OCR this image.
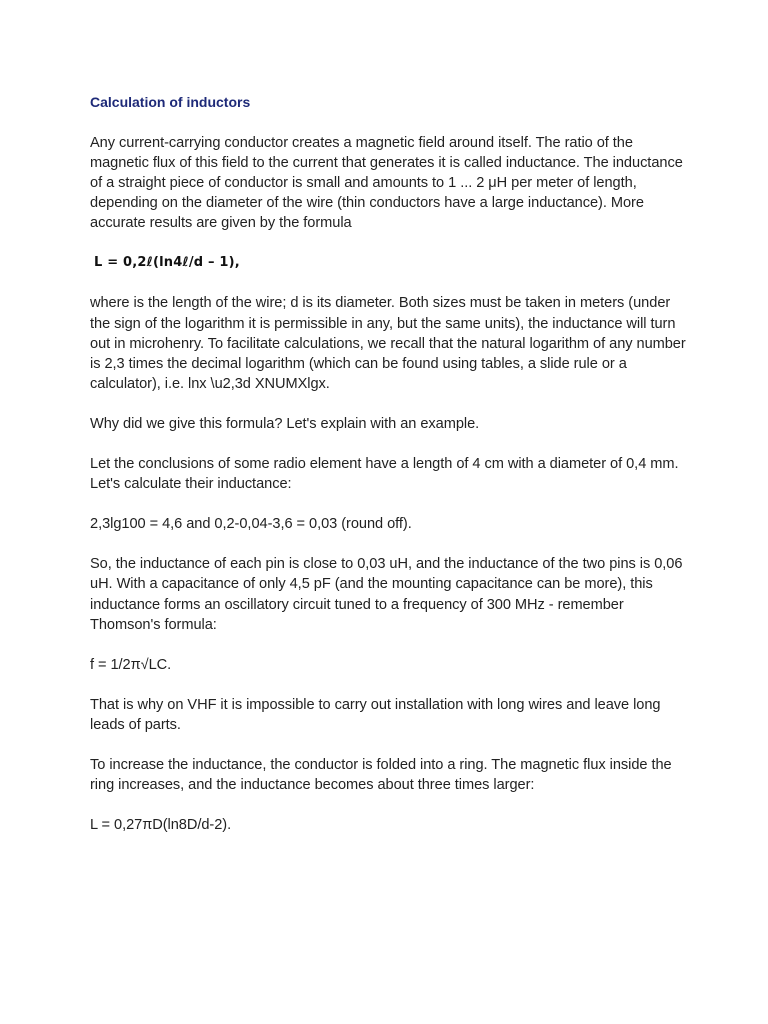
Calculation of inductors

Any current-carrying conductor creates a magnetic field around itself. The ratio of the magnetic flux of this field to the current that generates it is called inductance. The inductance of a straight piece of conductor is small and amounts to 1 ... 2 μH per meter of length, depending on the diameter of the wire (thin conductors have a large inductance). More accurate results are given by the formula

L = 0,2ℓ(ln4ℓ/d – 1),

where is the length of the wire; d is its diameter. Both sizes must be taken in meters (under the sign of the logarithm it is permissible in any, but the same units), the inductance will turn out in microhenry. To facilitate calculations, we recall that the natural logarithm of any number is 2,3 times the decimal logarithm (which can be found using tables, a slide rule or a calculator), i.e. lnx \u2,3d XNUMXlgx.

Why did we give this formula? Let's explain with an example.

Let the conclusions of some radio element have a length of 4 cm with a diameter of 0,4 mm. Let's calculate their inductance:

2,3lg100 = 4,6 and 0,2-0,04-3,6 = 0,03 (round off).

So, the inductance of each pin is close to 0,03 uH, and the inductance of the two pins is 0,06 uH. With a capacitance of only 4,5 pF (and the mounting capacitance can be more), this inductance forms an oscillatory circuit tuned to a frequency of 300 MHz - remember Thomson's formula:

f = 1/2π√LC.

That is why on VHF it is impossible to carry out installation with long wires and leave long leads of parts.

To increase the inductance, the conductor is folded into a ring. The magnetic flux inside the ring increases, and the inductance becomes about three times larger:

L = 0,27πD(ln8D/d-2).
